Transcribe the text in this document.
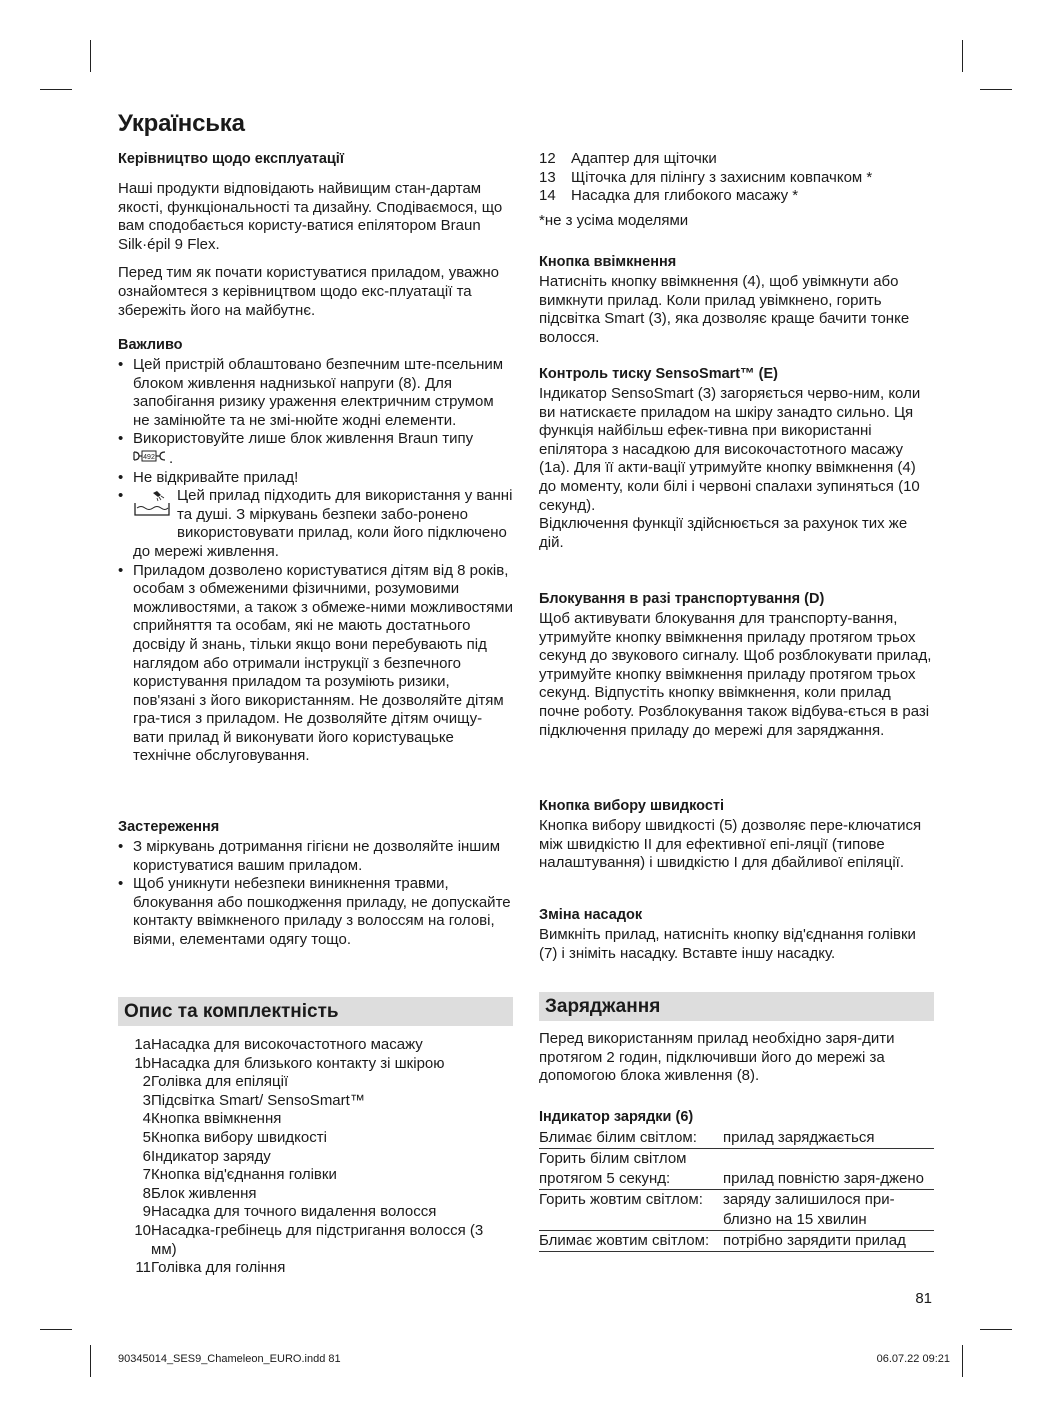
Українська
Керівництво щодо експлуатації

Наші продукти відповідають найвищим стан-дартам якості, функціональності та дизайну. Сподіваємося, що вам сподобається користу-ватися епілятором Braun Silk·épil 9 Flex.

Перед тим як почати користуватися приладом, уважно ознайомтеся з керівництвом щодо екс-плуатації та збережіть його на майбутнє.

Важливо
• Цей пристрій облаштовано безпечним ште-псельним блоком живлення наднизької напруги (8). Для запобігання ризику ураження електричним струмом не замінюйте та не змі-нюйте жодні елементи.
• Використовуйте лише блок живлення Braun типу
492 .
• Не відкривайте прилад!
• Цей прилад підходить для використання у ванні та душі. З міркувань безпеки забо-ронено використовувати прилад, коли його підключено до мережі живлення.
• Приладом дозволено користуватися дітям від 8 років, особам з обмеженими фізичними, розумовими можливостями, а також з обмеже-ними можливостями сприйняття та особам, які не мають достатнього досвіду й знань, тільки якщо вони перебувають під наглядом або отримали інструкції з безпечного користування приладом та розуміють ризики, пов'язані з його використанням. Не дозволяйте дітям гра-тися з приладом. Не дозволяйте дітям очищу-вати прилад й виконувати його користувацьке технічне обслуговування.
Застереження
• З міркувань дотримання гігієни не дозволяйте іншим користуватися вашим приладом.
• Щоб уникнути небезпеки виникнення травми, блокування або пошкодження приладу, не допускайте контакту ввімкненого приладу з волоссям на голові, віями, елементами одягу тощо.
Опис та комплектність
1a Насадка для високочастотного масажу
1b Насадка для близького контакту зі шкірою
2 Голівка для епіляції
3 Підсвітка Smart/ SensoSmart™
4 Кнопка ввімкнення
5 Кнопка вибору швидкості
6 Індикатор заряду
7 Кнопка від'єднання голівки
8 Блок живлення
9 Насадка для точного видалення волосся
10 Насадка-гребінець для підстригання волосся (3 мм)
11 Голівка для гоління
12	Адаптер для щіточки
13	Щіточка для пілінгу з захисним ковпачком *
14	Насадка для глибокого масажу *

*не з усіма моделями

Кнопка ввімкнення

Натисніть кнопку ввімкнення (4), щоб увімкнути або вимкнути прилад. Коли прилад увімкнено, горить підсвітка Smart (3), яка дозволяє краще бачити тонке волосся.

Контроль тиску SensoSmart™ (E)

Індикатор SensoSmart (3) загоряється черво-ним, коли ви натискаєте приладом на шкіру занадто сильно. Ця функція найбільш ефек-тивна при використанні епілятора з насадкою для високочастотного масажу (1a). Для її акти-вації утримуйте кнопку ввімкнення (4) до моменту, коли білі і червоні спалахи зупиняться (10 секунд).

Відключення функції здійснюється за рахунок тих же дій.

Блокування в разі транспортування (D)

Щоб активувати блокування для транспорту-вання, утримуйте кнопку ввімкнення приладу протягом трьох секунд до звукового сигналу. Щоб розблокувати прилад, утримуйте кнопку ввімкнення приладу протягом трьох секунд. Відпустіть кнопку ввімкнення, коли прилад почне роботу. Розблокування також відбува-ється в разі підключення приладу до мережі для заряджання.

Кнопка вибору швидкості

Кнопка вибору швидкості (5) дозволяє пере-ключатися між швидкістю II для ефективної епі-ляції (типове налаштування) і швидкістю I для дбайливої епіляції.

Зміна насадок

Вимкніть прилад, натисніть кнопку від'єднання голівки (7) і зніміть насадку. Вставте іншу насадку.

Заряджання

Перед використанням прилад необхідно заря-дити протягом 2 годин, підключивши його до мережі за допомогою блока живлення (8).

Індикатор зарядки (6)
Блимає білим світлом:	прилад заряджається
Горить білим світлом протягом 5 секунд:	прилад повністю заря-джено
Горить жовтим світлом:	заряду залишилося при-близно на 15 хвилин
Блимає жовтим світлом:	потрібно зарядити прилад
81
90345014_SES9_Chameleon_EURO.indd 81	06.07.22 09:21
